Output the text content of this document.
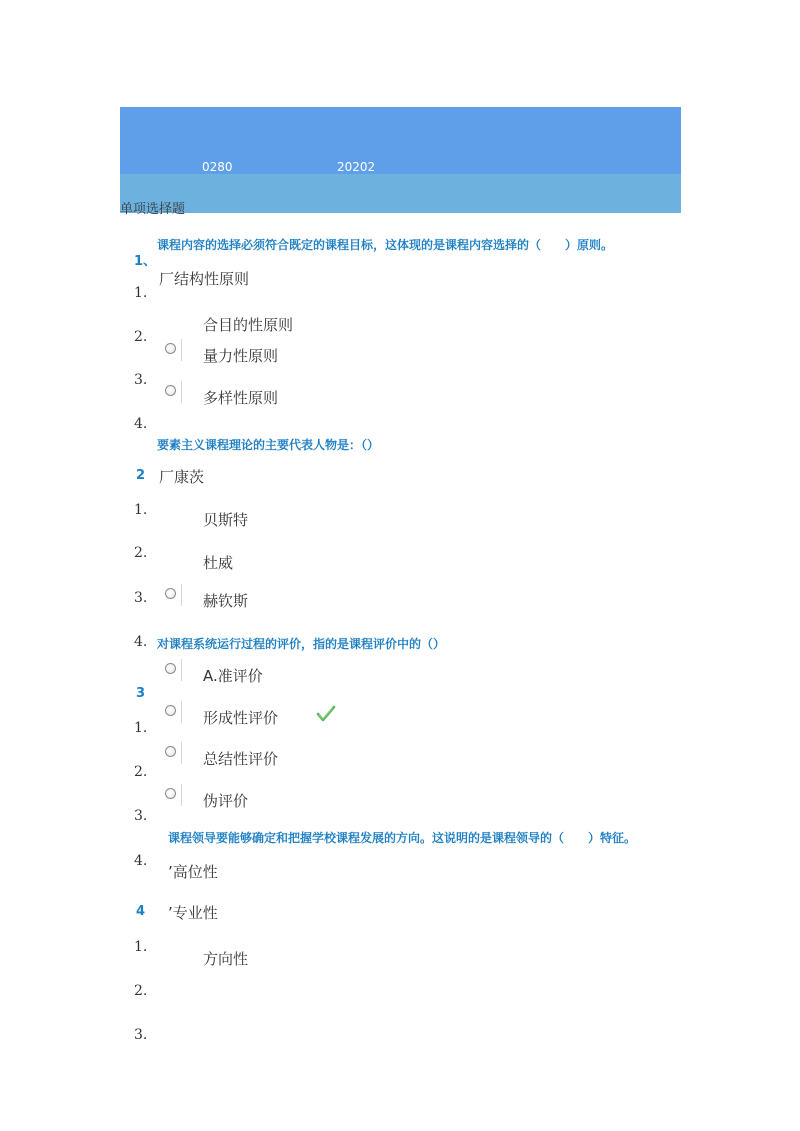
0280	20202
单项选择题
课程内容的选择必须符合既定的课程目标，这体现的是课程内容选择的（　　）原则。
1、
厂结构性原则
1.
合目的性原则
2.
量力性原则
3.
多样性原则
4.
要素主义课程理论的主要代表人物是：（）
2 厂康茨
1.
贝斯特
2.
杜威
3.	赫钦斯
4. 对课程系统运行过程的评价，指的是课程评价中的（）
A.准评价
3
形成性评价
1.
总结性评价
2.
伪评价
3.
课程领导要能够确定和把握学校课程发展的方向。这说明的是课程领导的（　　）特征。
4.
’高位性
4 ’专业性
1.
方向性
2.
3.
